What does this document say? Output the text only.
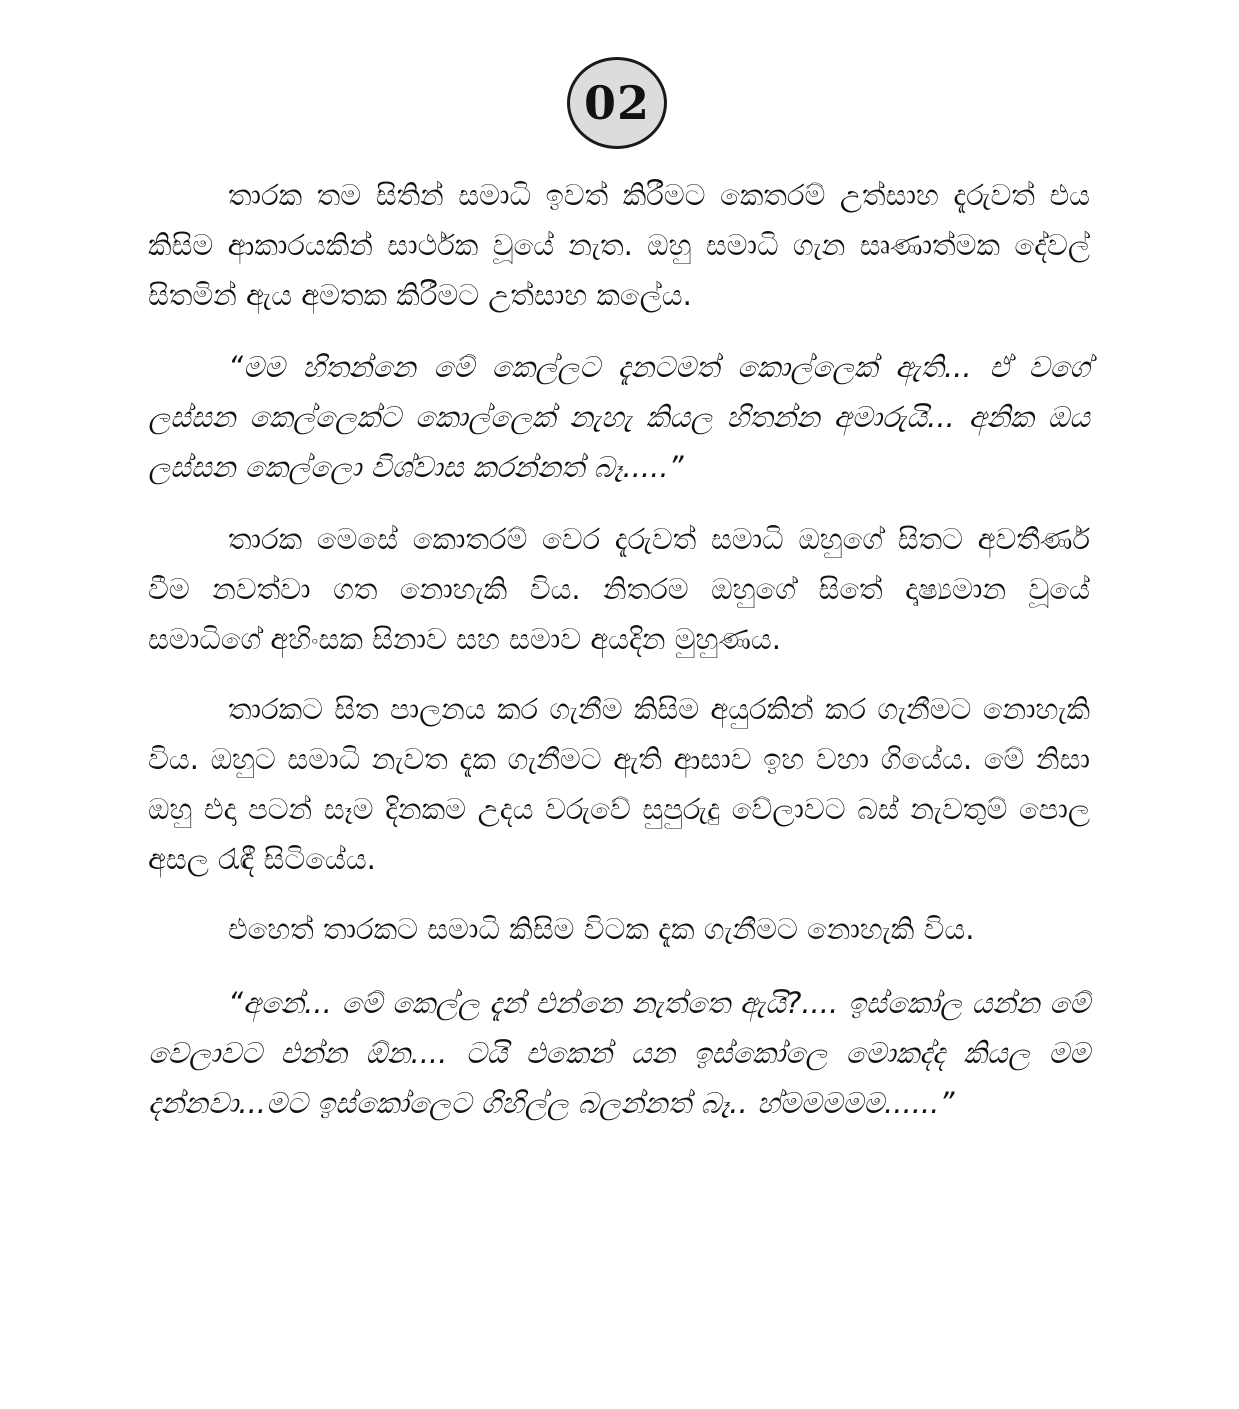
02

තාරක තම සිතින් සමාධි ඉවත් කිරීමට කෙතරම් උත්සාහ දැරුවත් එය කිසිම ආකාරයකින් සාර්ථක වූයේ නැත. ඔහු සමාධි ගැන සෘණාත්මක දේවල් සිතමින් ඇය අමතක කිරීමට උත්සාහ කලේය.

“මම හිතන්නෙ මේ කෙල්ලට දැනටමත් කොල්ලෙක් ඇති... ඒ වගේ ලස්සන කෙල්ලෙක්ට කොල්ලෙක් නැහැ කියල හිතන්න අමාරුයි... අනික ඔය ලස්සන කෙල්ලො විශ්වාස කරන්නත් බෑ.....”

තාරක මෙසේ කොතරම් වෙර දැරුවත් සමාධි ඔහුගේ සිතට අවතීර්ණ වීම නවත්වා ගත නොහැකි විය. නිතරම ඔහුගේ සිතේ දෘෂ්‍යමාන වූයේ සමාධිගේ අහිංසක සිනාව සහ සමාව අයදින මුහුණය.

තාරකට සිත පාලනය කර ගැනීම කිසිම අයුරකින් කර ගැනීමට නොහැකි විය. ඔහුට සමාධි නැවත දැක ගැනීමට ඇති ආසාව ඉහ වහා ගියේය. මේ නිසා ඔහු එදා පටන් සෑම දිනකම උදය වරුවේ සුපුරුදු වේලාවට බස් නැවතුම් පොල අසල රැඳී සිටියේය.

එහෙත් තාරකට සමාධි කිසිම විටක දැක ගැනීමට නොහැකි විය.

“අනේ... මේ කෙල්ල දැන් එන්නෙ නැත්තෙ ඇයි?.... ඉස්කෝල යන්න මේ වෙලාවට එන්න ඕන.... ටයි එකෙන් යන ඉස්කෝලෙ මොකද්ද කියල මම දන්නවා...මට ඉස්කෝලෙට ගිහිල්ල බලන්නත් බෑ.. හ්මමමමම......”
